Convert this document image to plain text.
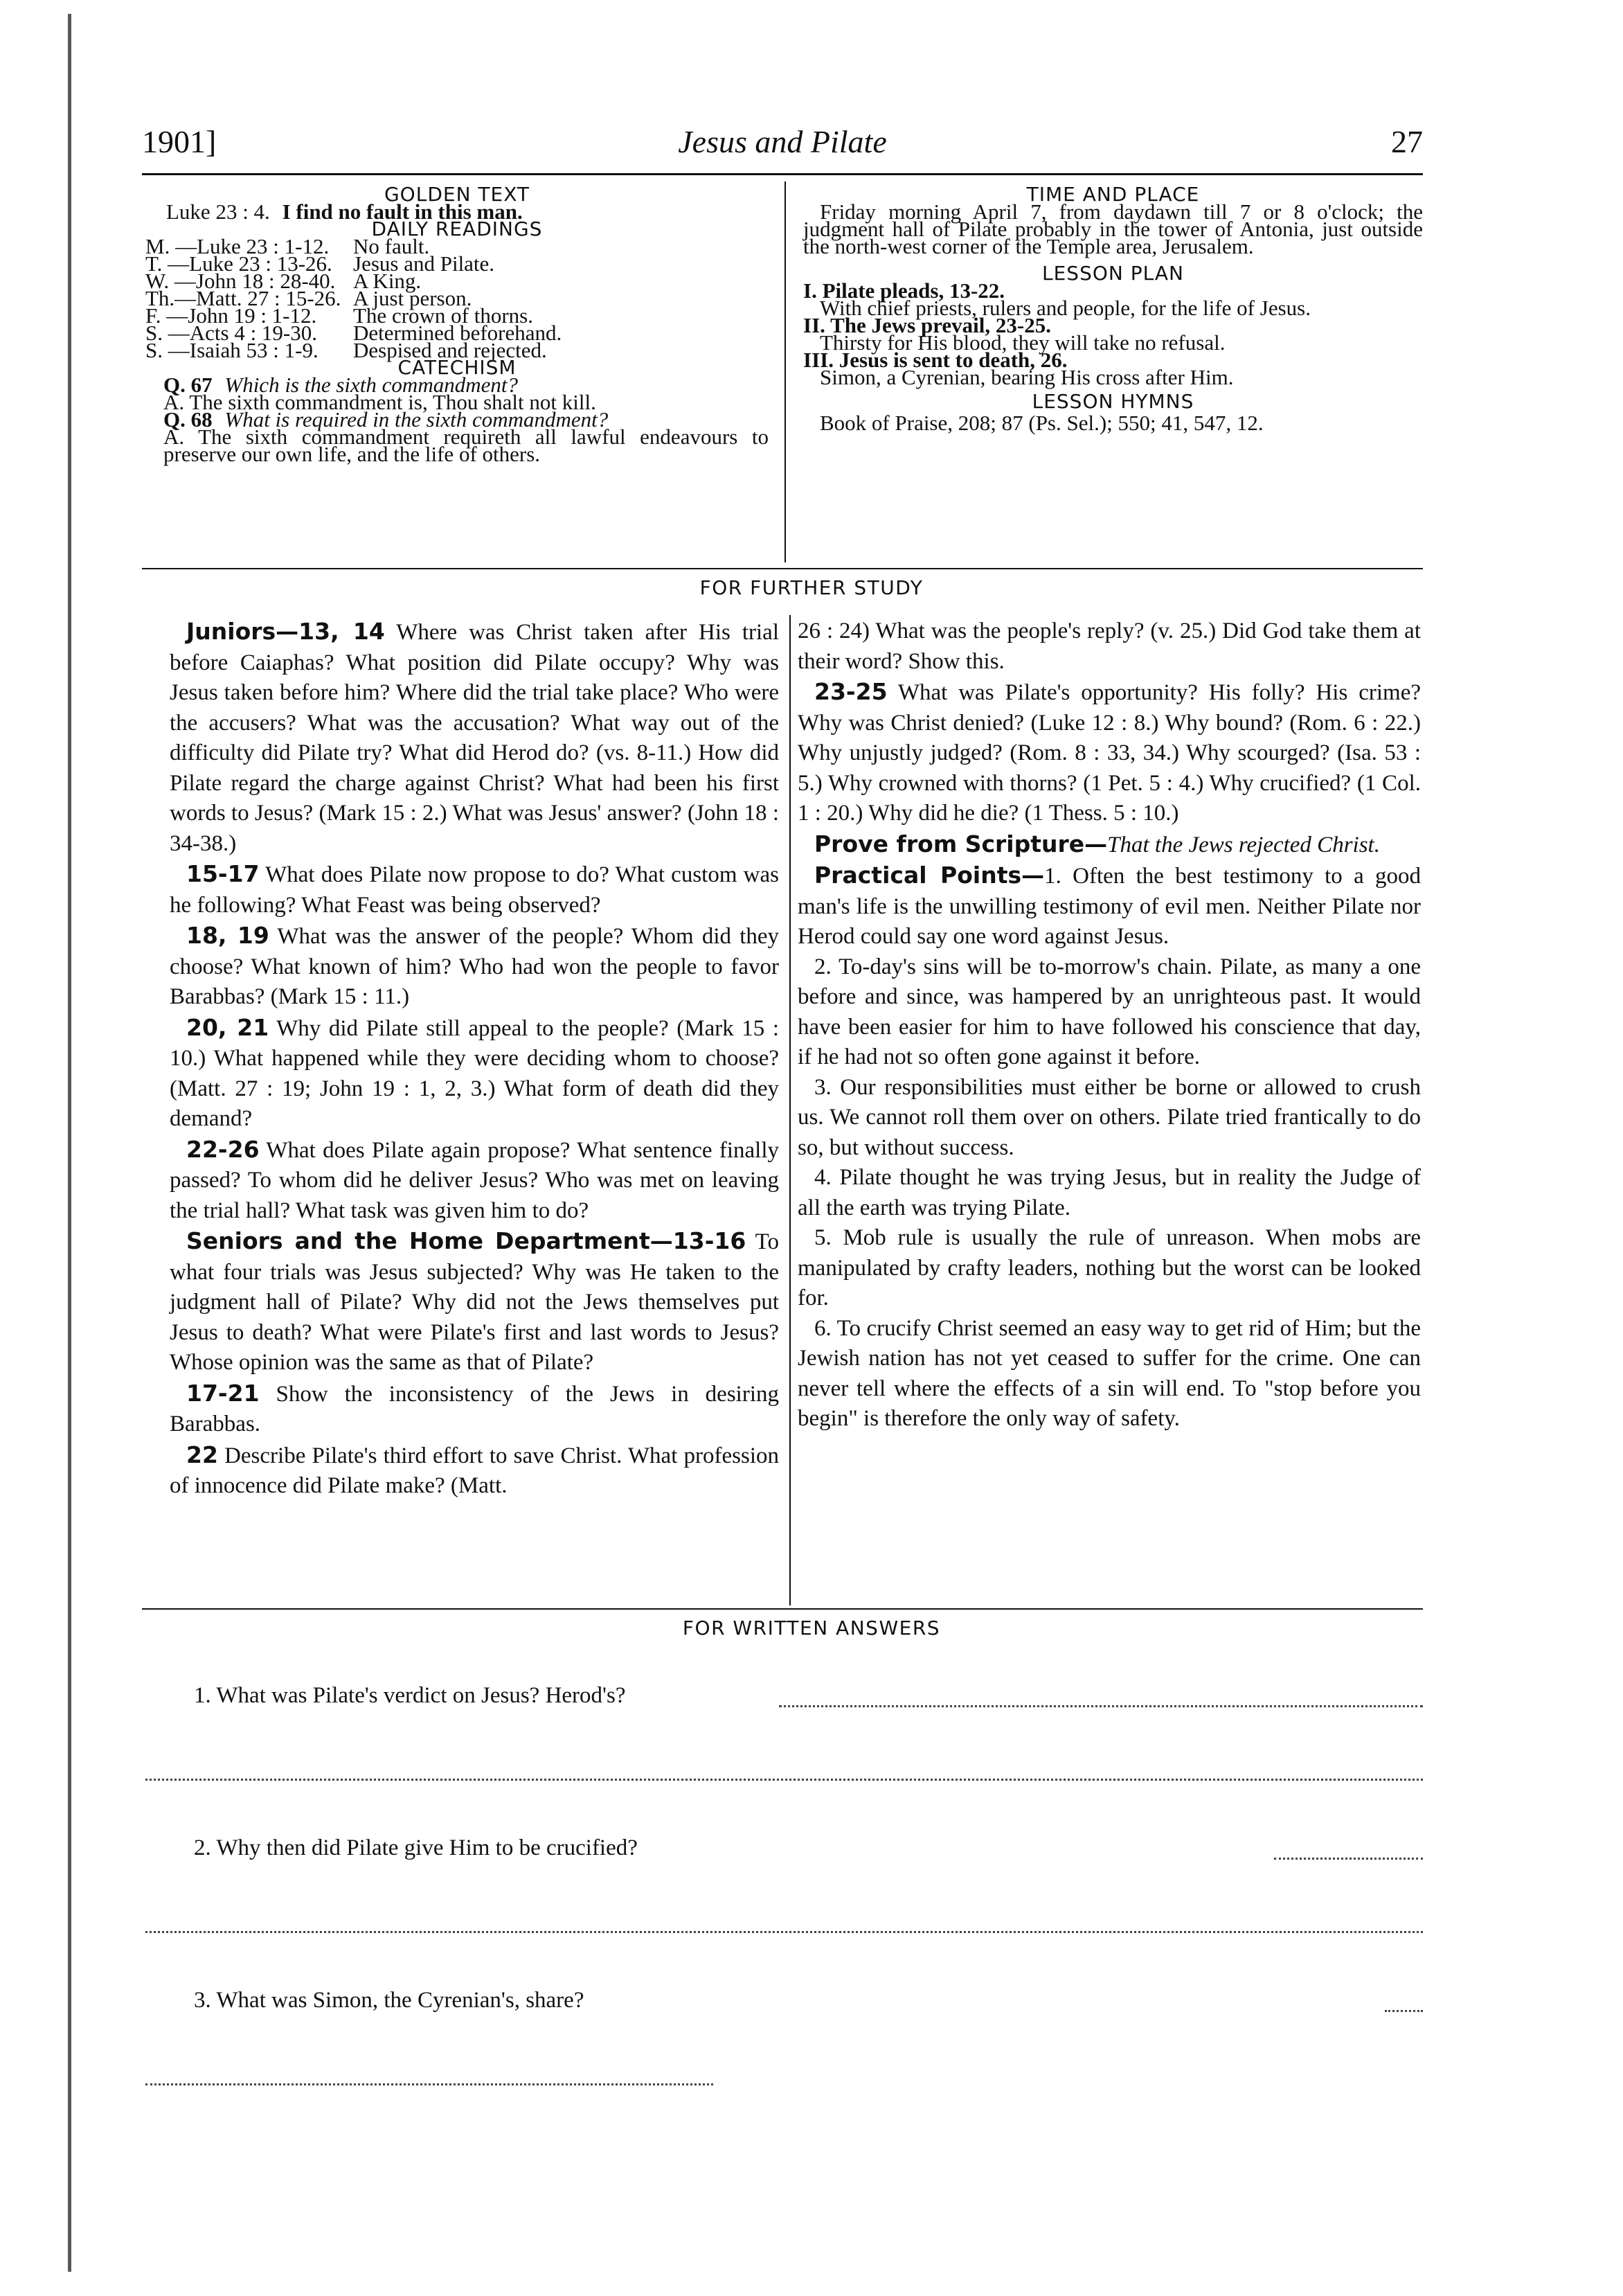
1901]	Jesus and Pilate	27
GOLDEN TEXT
Luke 23 : 4. I find no fault in this man.
DAILY READINGS
M. —Luke 23 : 1-12.	No fault.
T. —Luke 23 : 13-26. Jesus and Pilate.
W. —John 18 : 28-40. A King.
Th.—Matt. 27 : 15-26. A just person.
F. —John 19 : 1-12.	The crown of thorns.
S. —Acts 4 : 19-30.	Determined beforehand.
S. —Isaiah 53 : 1-9.	Despised and rejected.
CATECHISM
Q. 67 Which is the sixth commandment?
A. The sixth commandment is, Thou shalt not kill.
Q. 68 What is required in the sixth commandment?
A. The sixth commandment requireth all lawful endeavours to preserve our own life, and the life of others.
TIME AND PLACE
Friday morning April 7, from daydawn till 7 or 8 o'clock; the judgment hall of Pilate probably in the tower of Antonia, just outside the north-west corner of the Temple area, Jerusalem.
LESSON PLAN
I. Pilate pleads, 13-22.
With chief priests, rulers and people, for the life of Jesus.
II. The Jews prevail, 23-25.
Thirsty for His blood, they will take no refusal.
III. Jesus is sent to death, 26.
Simon, a Cyrenian, bearing His cross after Him.
LESSON HYMNS
Book of Praise, 208; 87 (Ps. Sel.); 550; 41, 547, 12.
FOR FURTHER STUDY

Juniors—13, 14 Where was Christ taken after His trial before Caiaphas? What position did Pilate occupy? Why was Jesus taken before him? Where did the trial take place? Who were the accusers? What was the accusation? What way out of the difficulty did Pilate try? What did Herod do? (vs. 8-11.) How did Pilate regard the charge against Christ? What had been his first words to Jesus? (Mark 15 : 2.) What was Jesus' answer? (John 18 : 34-38.)

15-17 What does Pilate now propose to do? What custom was he following? What Feast was being observed?

18, 19 What was the answer of the people? Whom did they choose? What known of him? Who had won the people to favor Barabbas? (Mark 15 : 11.)

20, 21 Why did Pilate still appeal to the people? (Mark 15 : 10.) What happened while they were deciding whom to choose? (Matt. 27 : 19; John 19 : 1, 2, 3.) What form of death did they demand?

22-26 What does Pilate again propose? What sentence finally passed? To whom did he deliver Jesus? Who was met on leaving the trial hall? What task was given him to do?

Seniors and the Home Department—13-16 To what four trials was Jesus subjected? Why was He taken to the judgment hall of Pilate? Why did not the Jews themselves put Jesus to death? What were Pilate's first and last words to Jesus? Whose opinion was the same as that of Pilate?

17-21 Show the inconsistency of the Jews in desiring Barabbas.

22 Describe Pilate's third effort to save Christ. What profession of innocence did Pilate make? (Matt.

26 : 24) What was the people's reply? (v. 25.) Did God take them at their word? Show this.

23-25 What was Pilate's opportunity? His folly? His crime? Why was Christ denied? (Luke 12 : 8.) Why bound? (Rom. 6 : 22.) Why unjustly judged? (Rom. 8 : 33, 34.) Why scourged? (Isa. 53 : 5.) Why crowned with thorns? (1 Pet. 5 : 4.) Why crucified? (1 Col. 1 : 20.) Why did he die? (1 Thess. 5 : 10.)

Prove from Scripture—That the Jews rejected Christ.

Practical Points—1. Often the best testimony to a good man's life is the unwilling testimony of evil men. Neither Pilate nor Herod could say one word against Jesus.

2. To-day's sins will be to-morrow's chain. Pilate, as many a one before and since, was hampered by an unrighteous past. It would have been easier for him to have followed his conscience that day, if he had not so often gone against it before.

3. Our responsibilities must either be borne or allowed to crush us. We cannot roll them over on others. Pilate tried frantically to do so, but without success.

4. Pilate thought he was trying Jesus, but in reality the Judge of all the earth was trying Pilate.

5. Mob rule is usually the rule of unreason. When mobs are manipulated by crafty leaders, nothing but the worst can be looked for.

6. To crucify Christ seemed an easy way to get rid of Him; but the Jewish nation has not yet ceased to suffer for the crime. One can never tell where the effects of a sin will end. To "stop before you begin" is therefore the only way of safety.

FOR WRITTEN ANSWERS
1. What was Pilate's verdict on Jesus? Herod's?
2. Why then did Pilate give Him to be crucified?
3. What was Simon, the Cyrenian's, share?
